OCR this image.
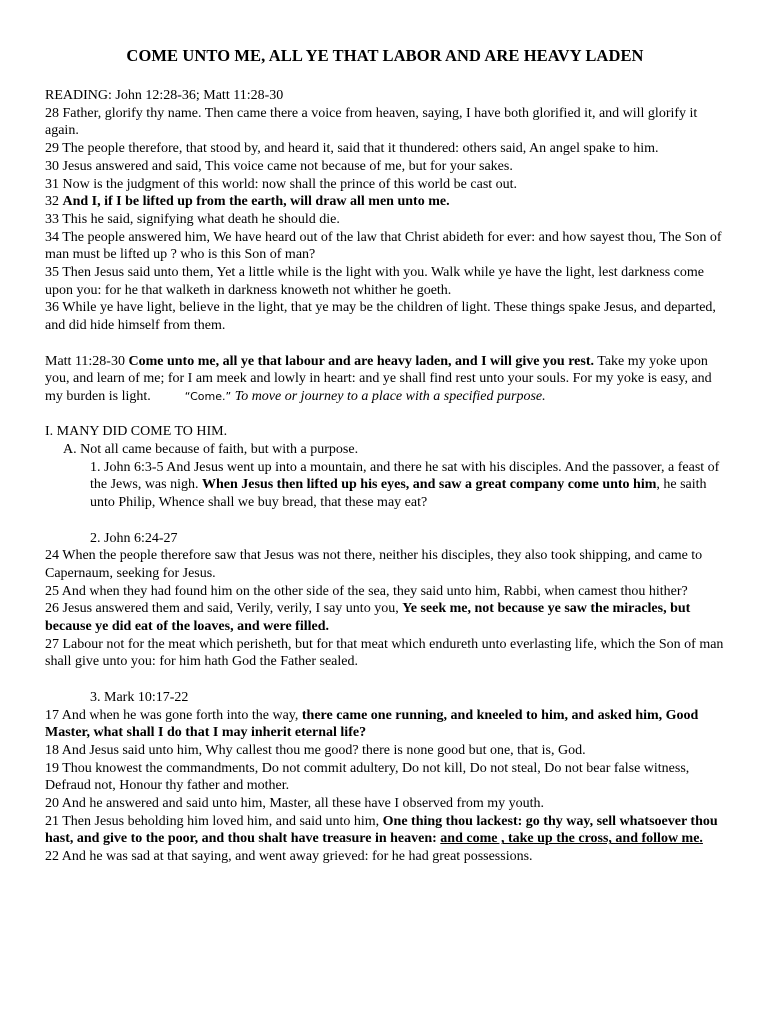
COME UNTO ME, ALL YE THAT LABOR AND ARE HEAVY LADEN

READING: John 12:28-36; Matt 11:28-30

28 Father, glorify thy name. Then came there a voice from heaven, saying, I have both glorified it, and will glorify it again.

29 The people therefore, that stood by, and heard it, said that it thundered: others said, An angel spake to him.

30 Jesus answered and said, This voice came not because of me, but for your sakes.

31 Now is the judgment of this world: now shall the prince of this world be cast out.

32 And I, if I be lifted up from the earth, will draw all men unto me.

33 This he said, signifying what death he should die.

34 The people answered him, We have heard out of the law that Christ abideth for ever: and how sayest thou, The Son of man must be lifted up ? who is this Son of man?

35 Then Jesus said unto them, Yet a little while is the light with you. Walk while ye have the light, lest darkness come upon you: for he that walketh in darkness knoweth not whither he goeth.

36 While ye have light, believe in the light, that ye may be the children of light. These things spake Jesus, and departed, and did hide himself from them.

Matt 11:28-30 Come unto me, all ye that labour and are heavy laden, and I will give you rest. Take my yoke upon you, and learn of me; for I am meek and lowly in heart: and ye shall find rest unto your souls. For my yoke is easy, and my burden is light.	“Come.” To move or journey to a place with a specified purpose.

I. MANY DID COME TO HIM.

A. Not all came because of faith, but with a purpose.

1. John 6:3-5 And Jesus went up into a mountain, and there he sat with his disciples. And the passover, a feast of the Jews, was nigh. When Jesus then lifted up his eyes, and saw a great company come unto him, he saith unto Philip, Whence shall we buy bread, that these may eat?

2. John 6:24-27

24 When the people therefore saw that Jesus was not there, neither his disciples, they also took shipping, and came to Capernaum, seeking for Jesus.

25 And when they had found him on the other side of the sea, they said unto him, Rabbi, when camest thou hither?

26 Jesus answered them and said, Verily, verily, I say unto you, Ye seek me, not because ye saw the miracles, but because ye did eat of the loaves, and were filled.

27 Labour not for the meat which perisheth, but for that meat which endureth unto everlasting life, which the Son of man shall give unto you: for him hath God the Father sealed.

3. Mark 10:17-22

17 And when he was gone forth into the way, there came one running, and kneeled to him, and asked him, Good Master, what shall I do that I may inherit eternal life?

18 And Jesus said unto him, Why callest thou me good? there is none good but one, that is, God.

19 Thou knowest the commandments, Do not commit adultery, Do not kill, Do not steal, Do not bear false witness, Defraud not, Honour thy father and mother.

20 And he answered and said unto him, Master, all these have I observed from my youth.

21 Then Jesus beholding him loved him, and said unto him, One thing thou lackest: go thy way, sell whatsoever thou hast, and give to the poor, and thou shalt have treasure in heaven: and come , take up the cross, and follow me.

22 And he was sad at that saying, and went away grieved: for he had great possessions.
